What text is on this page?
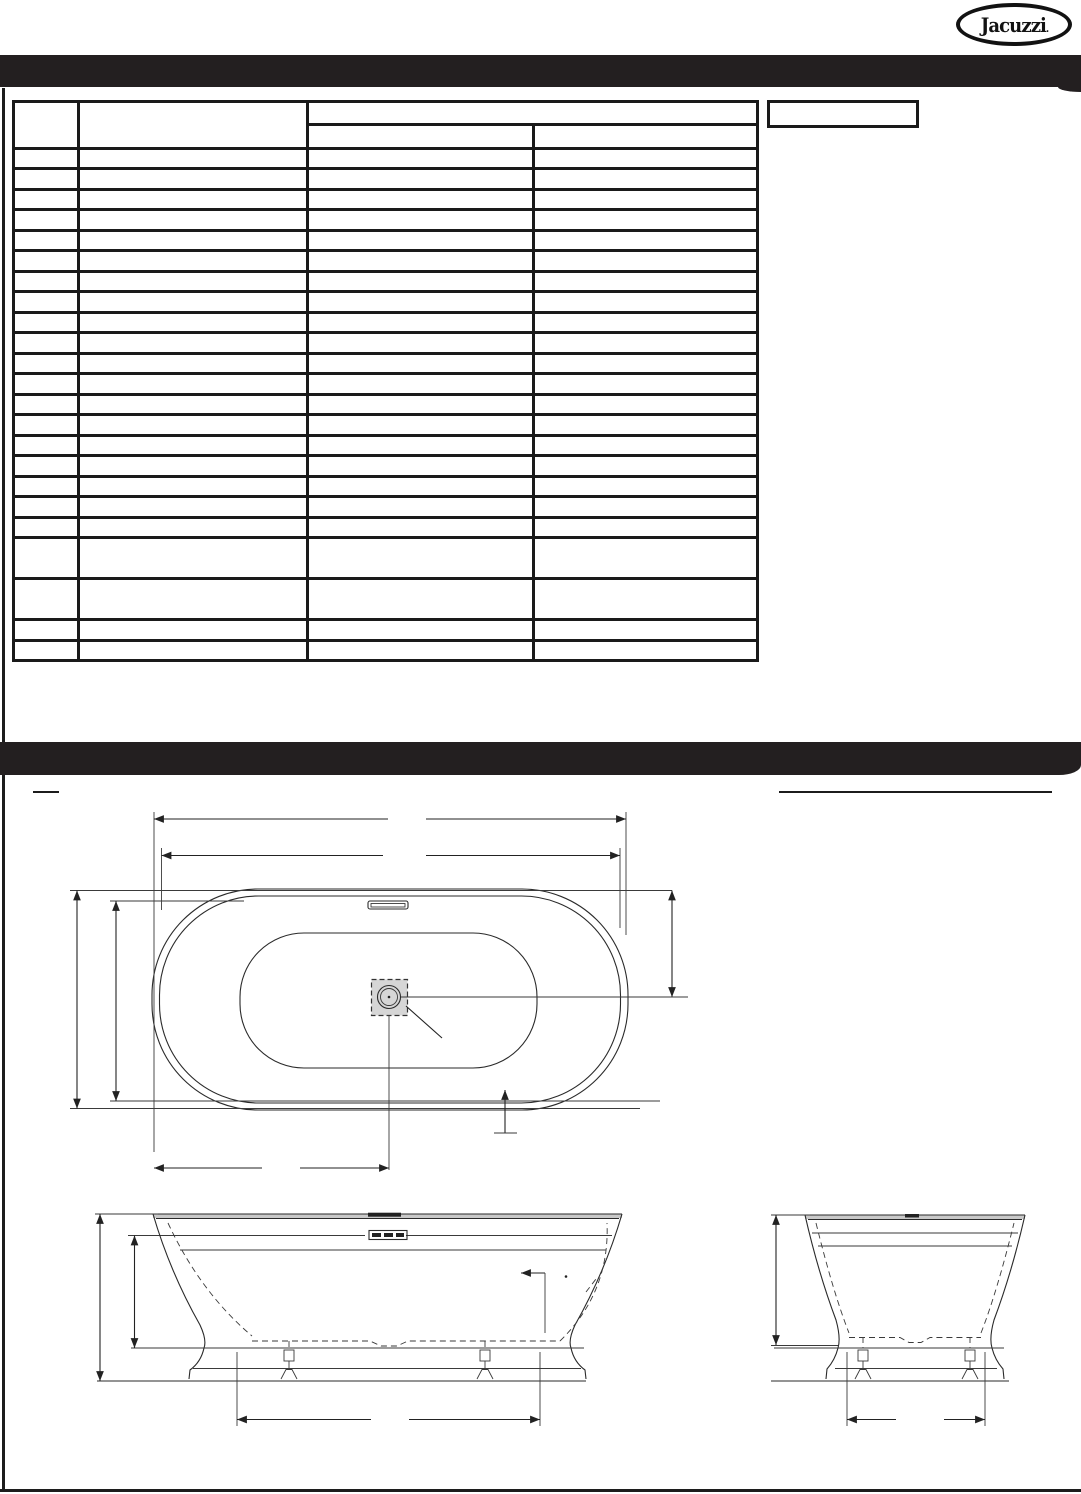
Jacuzzi.
